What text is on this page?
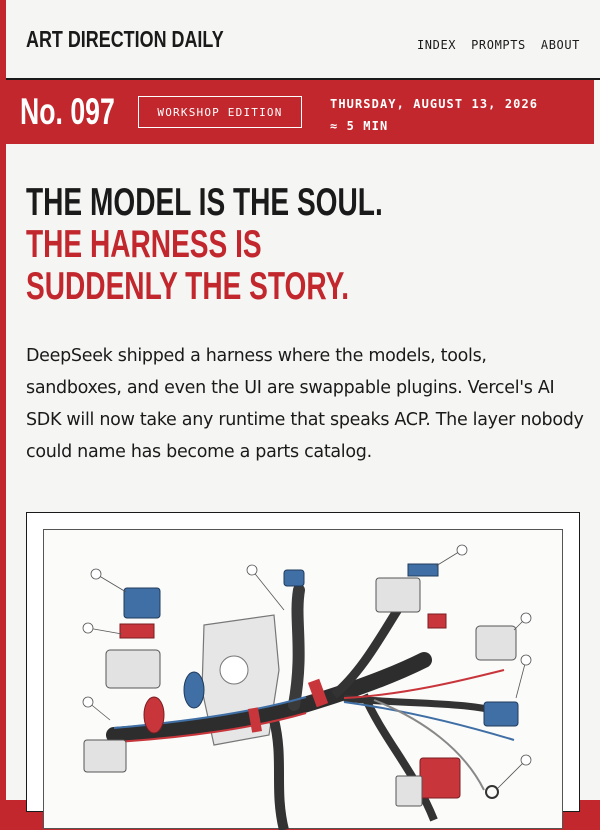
ART DIRECTION DAILY	INDEX PROMPTS ABOUT
No. 097	WORKSHOP EDITION
THURSDAY, AUGUST 13, 2026
≈ 5 MIN
THE MODEL IS THE SOUL.
THE HARNESS IS
SUDDENLY THE STORY.

DeepSeek shipped a harness where the models, tools, sandboxes, and even the UI are swappable plugins. Vercel's AI SDK will now take any runtime that speaks ACP. The layer nobody could name has become a parts catalog.
